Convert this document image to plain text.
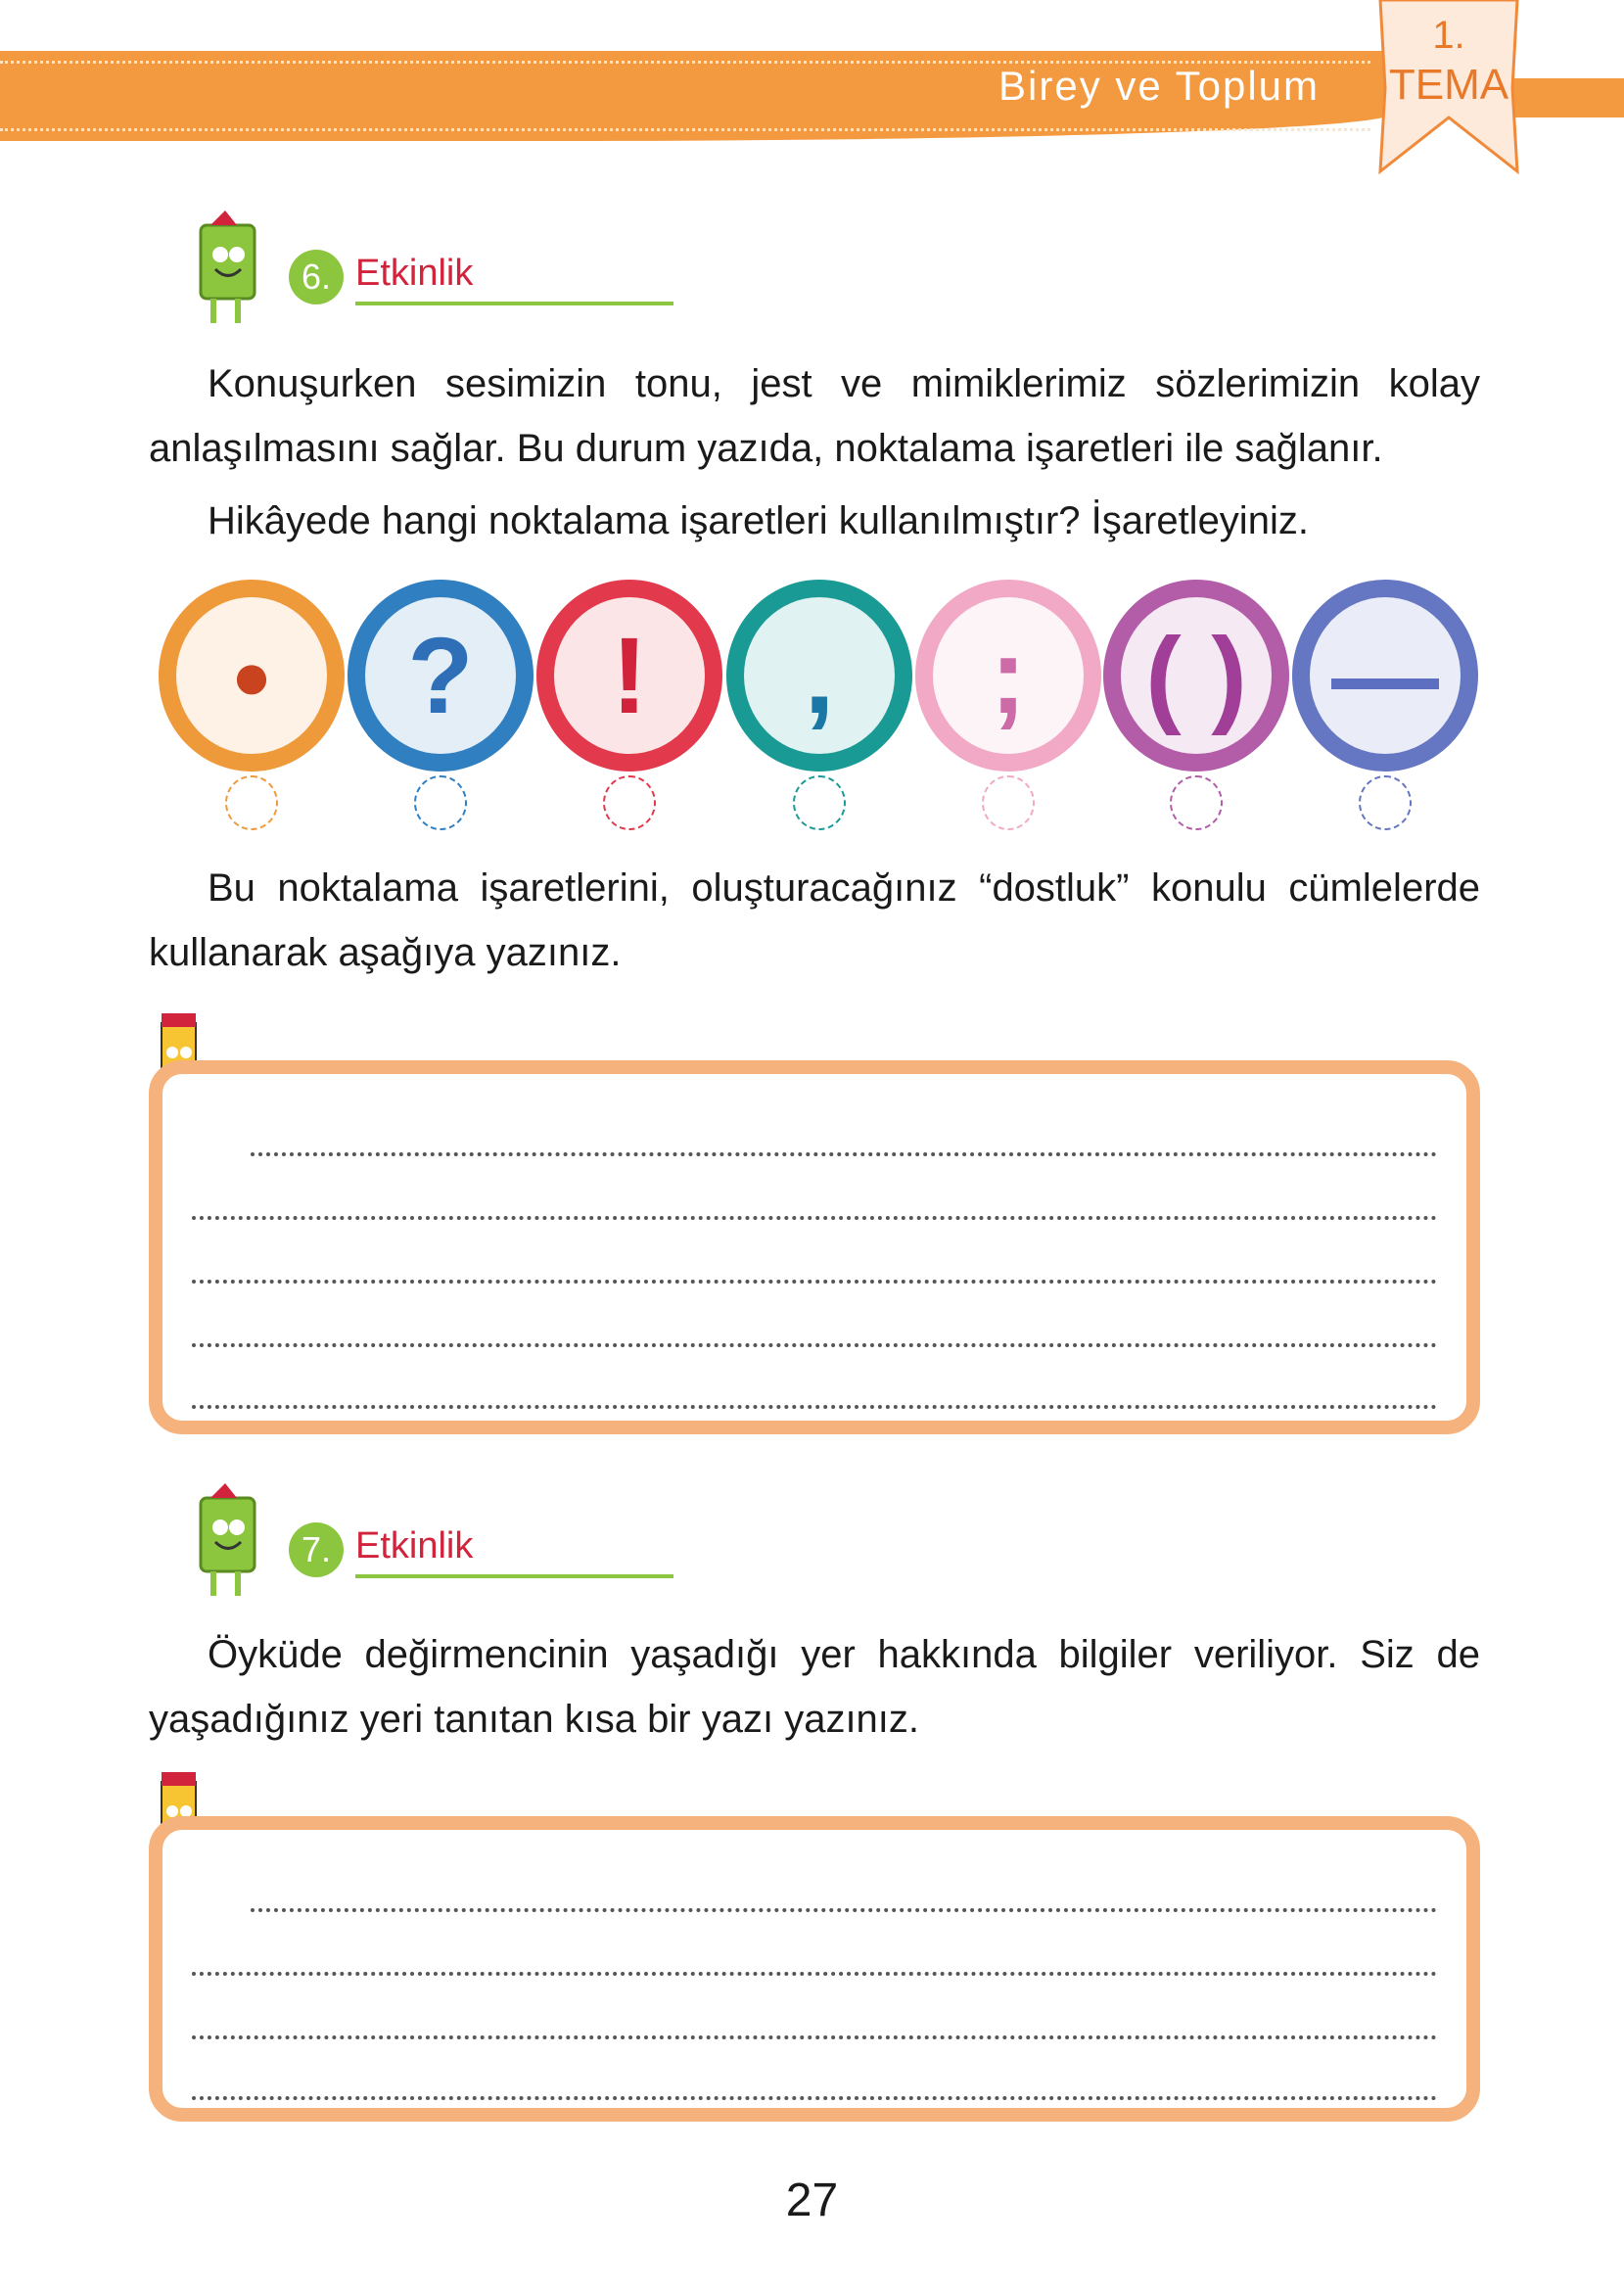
Birey ve Toplum
1.
TEMA
6. Etkinlik
Konuşurken sesimizin tonu, jest ve mimiklerimiz sözlerimizin kolay anlaşılmasını sağlar. Bu durum yazıda, noktalama işaretleri ile sağlanır.
Hikâyede hangi noktalama işaretleri kullanılmıştır? İşaretleyiniz.
●	?	!	,	;	( ) —
Bu noktalama işaretlerini, oluşturacağınız “dostluk” konulu cümlelerde kullanarak aşağıya yazınız.
7. Etkinlik
Öyküde değirmencinin yaşadığı yer hakkında bilgiler veriliyor. Siz de yaşadığınız yeri tanıtan kısa bir yazı yazınız.
27
